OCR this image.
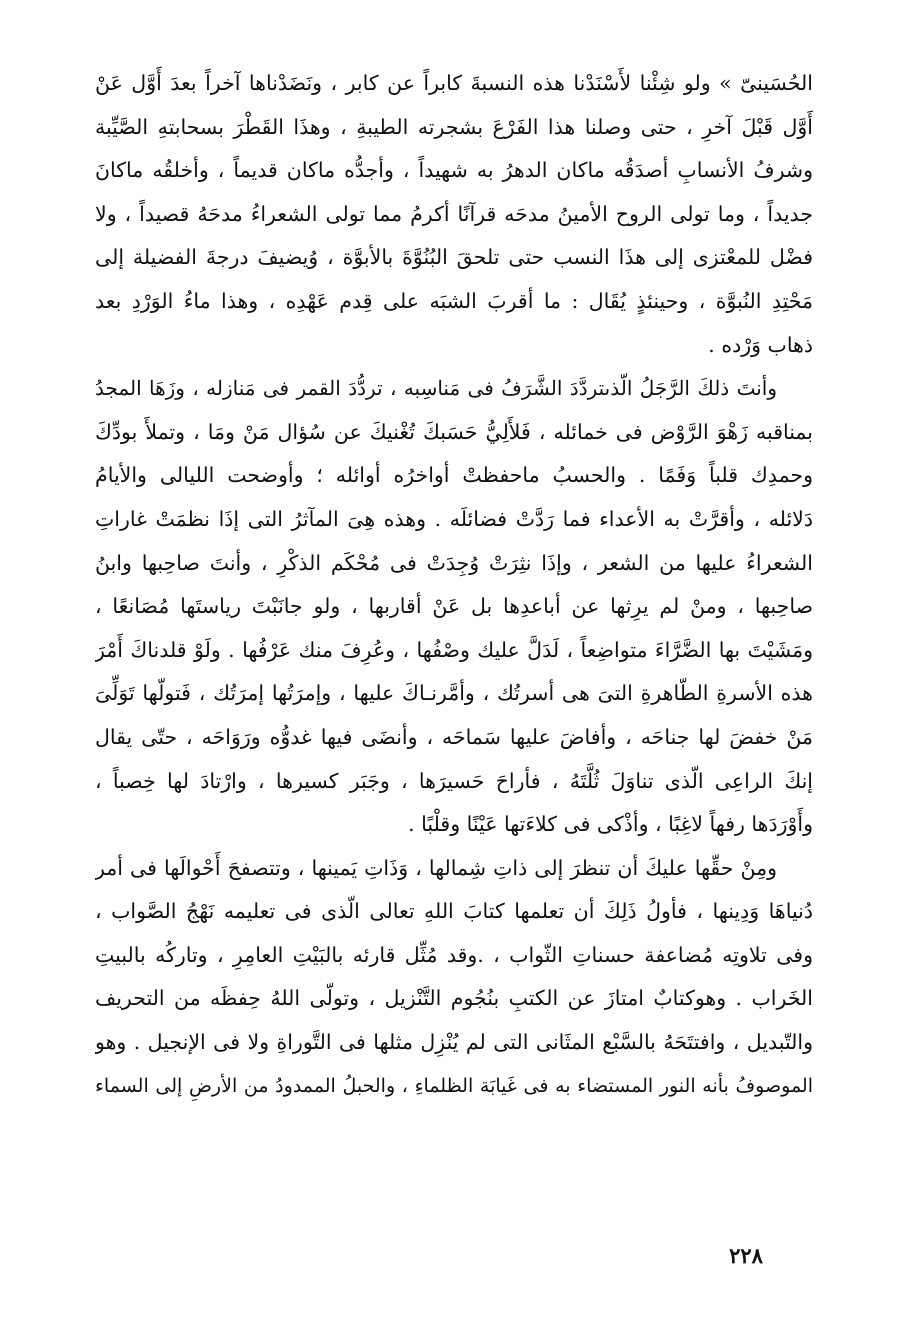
الحُسَينىّ » ولو شِئْنا لأَسْنَدْنا هذه النسبةَ كابراً عن كابر ، ونَضَدْناها آخراً بعدَ أَوَّل عَنْ
أَوَّل قَبْلَ آخرِ ، حتى وصلنا هذا الفَرْعَ بشجرته الطيبةِ ، وهذَا القَطْرَ بسحابتهِ الصَّيِّبة
وشرفُ الأنسابِ أصدَقُه ماكان الدهرُ به شهيداً ، وأجدُّه ماكان قديماً ، وأخلقُه ماكانَ
جديداً ، وما تولى الروح الأمينُ مدحَه قرآنًا أكرمُ مما تولى الشعراءُ مدحَهُ قصيداً ، ولا
فضْل للمعْتزى إلى هذَا النسب حتى تلحقَ البُنُوَّةَ بالأبوَّة ، وُيضيفَ درجةَ الفضيلة إلى
مَحْتِدِ النُبوَّة ، وحينئذٍ يُقَال : ما أقربَ الشبَه على قِدم عَهْدِه ، وهذا ماءُ الوَرْدِ بعد
ذهاب وَرْده .
وأنتَ ذلكَ الرَّجَلُ الّذىتردَّدَ الشَّرَفُ فى مَناسِبه ، تردُّدَ القمر فى مَنازله ، وزَهَا المجدُ
بمناقبه زَهْوَ الرَّوْض فى خمائله ، فَلأَلِيُّ حَسَبكَ تُغْنيكَ عن سُؤال مَنْ ومَا ، وتملأَ بودِّكَ
وحمدِك قلباً وَفَمًا . والحسبُ ماحفظتْ أواخرُه أوائله ؛ وأوضحت الليالى والأيامُ
دَلائله ، وأقرَّتْ به الأعداء فما رَدَّتْ فضائلَه . وهذه هِىَ المآثرُ التى إذَا نظمَتْ غاراتِ
الشعراءُ عليها من الشعر ، وإذَا نثِرَتْ وُجِدَتْ فى مُحْكَم الذكْرِ ، وأنتَ صاحِبها وابنُ
صاحِبها ، ومنْ لم يرِثها عن أباعدِها بل عَنْ أقاربها ، ولو جانَبْتَ رياستَها مُصَانعًا ،
ومَشَيْتَ بها الضَّرَّاءَ متواضِعاً ، لَدَلَّ عليك وصْفُها ، وعُرِفَ منك عَرْفُها . ولَوْ قلدناكَ أَمْرَ
هذه الأسرةِ الطّاهرةِ التىَ هى أسرتُك ، وأمَّرنـاكَ عليها ، وإمرَتُها إمرَتُك ، فَتولّها تَوَلِّىَ
مَنْ خفضَ لها جناحَه ، وأفاضَ عليها سَماحَه ، وأنضَى فيها غدوُّه ورَوَاحَه ، حتّى يقال
إنكَ الراعِى الّذى تناوَلَ ثُلَّتَهُ ، فأراحَ حَسيرَها ، وجَبَر كسيرها ، وارْتادَ لها خِصباً ،
وأَوْرَدَها رفهاً لاغِبًا ، وأذْكى فى كلاءَتها عَيْنًا وقلْبًا .
ومِنْ حقِّها عليكَ أن تنظرَ إلى ذاتِ شِمالها ، وَذَاتِ يَمينها ، وتتصفحَ أَحْوالَها فى أمر
دُنياهَا وَدِينها ، فأولُ ذَلِكَ أن تعلمها كتابَ اللهِ تعالى الّذى فى تعليمه نَهْجُ الصَّواب ،
وفى تلاوتِه مُضاعفة حسناتِ الثّواب ، .وقد مُثِّل قارئه بالبَيْتِ العامِرِ ، وتاركُه بالبيتِ
الخَراب . وهوكتابٌ امتازَ عن الكتبِ بنُجُوم التَّنْزيل ، وتولّى اللهُ حِفظَه من التحريف
والتّبديل ، وافتتَحَهُ بالسَّبْع المثَانى التى لم يُنْزِل مثلها فى التَّوراةِ ولا فى الإنجيل . وهو
الموصوفُ بأنه النور المستضاء به فى غَيابَة الظلماءِ ، والحبلُ الممدودُ من الأرضِ إلى السماء
٢٢٨
